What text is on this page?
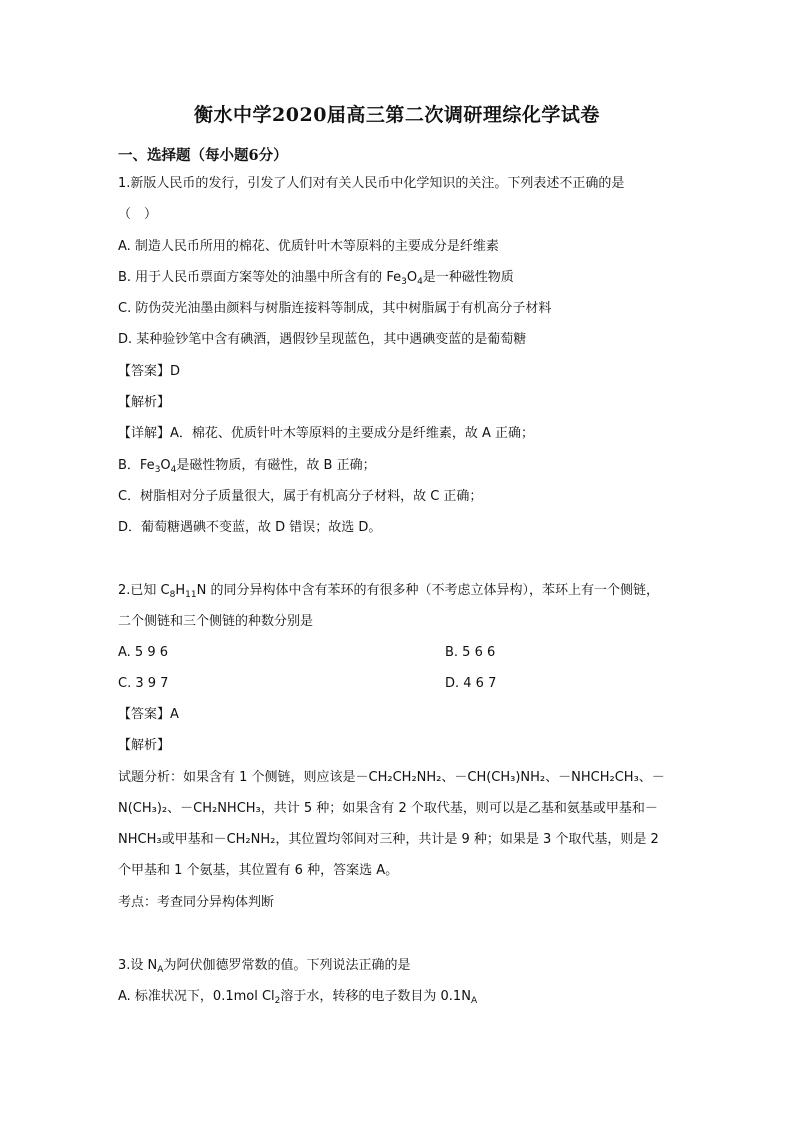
衡水中学2020届高三第二次调研理综化学试卷
一、选择题（每小题6分）
1.新版人民币的发行，引发了人们对有关人民币中化学知识的关注。下列表述不正确的是
（　）
A. 制造人民币所用的棉花、优质针叶木等原料的主要成分是纤维素
B. 用于人民币票面方案等处的油墨中所含有的 $Fe_3O_4$是一种磁性物质
C. 防伪荧光油墨由颜料与树脂连接料等制成，其中树脂属于有机高分子材料
D. 某种验钞笔中含有碘酒，遇假钞呈现蓝色，其中遇碘变蓝的是葡萄糖
【答案】D
【解析】
【详解】A．棉花、优质针叶木等原料的主要成分是纤维素，故 A 正确；
B．$Fe_3O_4$是磁性物质，有磁性，故 B 正确；
C．树脂相对分子质量很大，属于有机高分子材料，故 C 正确；
D．葡萄糖遇碘不变蓝，故 D 错误；故选 D。
2.已知 $C_8H_{11}N$ 的同分异构体中含有苯环的有很多种（不考虑立体异构），苯环上有一个侧链，
二个侧链和三个侧链的种数分别是
A. 5 9 6	B. 5 6 6
C. 3 9 7	D. 4 6 7
【答案】A
【解析】
试题分析：如果含有 1 个侧链，则应该是－CH₂CH₂NH₂、－CH(CH₃)NH₂、－NHCH₂CH₃、－
N(CH₃)₂、－CH₂NHCH₃，共计 5 种；如果含有 2 个取代基，则可以是乙基和氨基或甲基和－
NHCH₃或甲基和－CH₂NH₂，其位置均邻间对三种，共计是 9 种；如果是 3 个取代基，则是 2
个甲基和 1 个氨基，其位置有 6 种，答案选 A。
考点：考查同分异构体判断
3.设 $N_A$为阿伏伽德罗常数的值。下列说法正确的是
A. 标准状况下，0.1mol $Cl_2$溶于水，转移的电子数目为 $0.1N_A$
